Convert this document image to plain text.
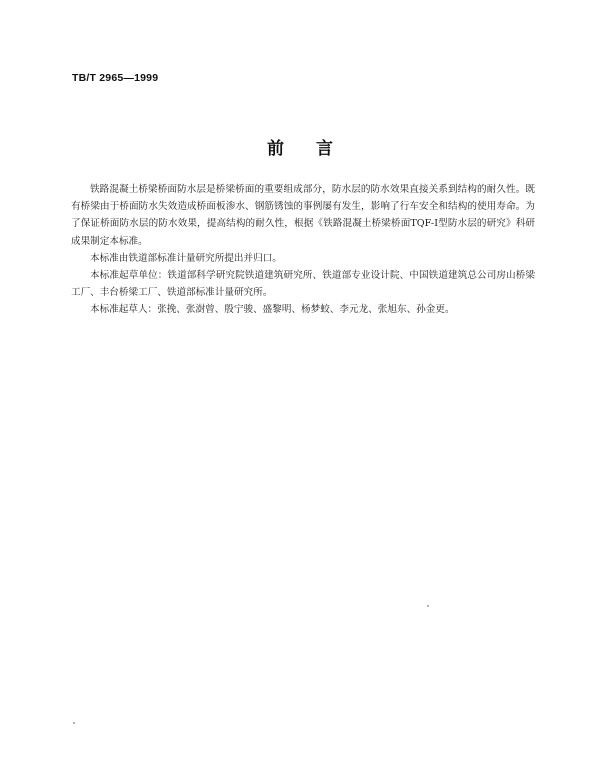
TB/T 2965—1999
前言

铁路混凝土桥梁桥面防水层是桥梁桥面的重要组成部分，防水层的防水效果直接关系到结构的耐久性。既有桥梁由于桥面防水失效造成桥面板渗水、钢筋锈蚀的事例屡有发生，影响了行车安全和结构的使用寿命。为了保证桥面防水层的防水效果，提高结构的耐久性，根据《铁路混凝土桥梁桥面TQF-Ⅰ型防水层的研究》科研成果制定本标准。

本标准由铁道部标准计量研究所提出并归口。

本标准起草单位：铁道部科学研究院铁道建筑研究所、铁道部专业设计院、中国铁道建筑总公司房山桥梁工厂、丰台桥梁工厂、铁道部标准计量研究所。

本标准起草人：张挽、张澍曾、殷宁骏、盛黎明、杨梦蛟、李元龙、张旭东、孙金更。
